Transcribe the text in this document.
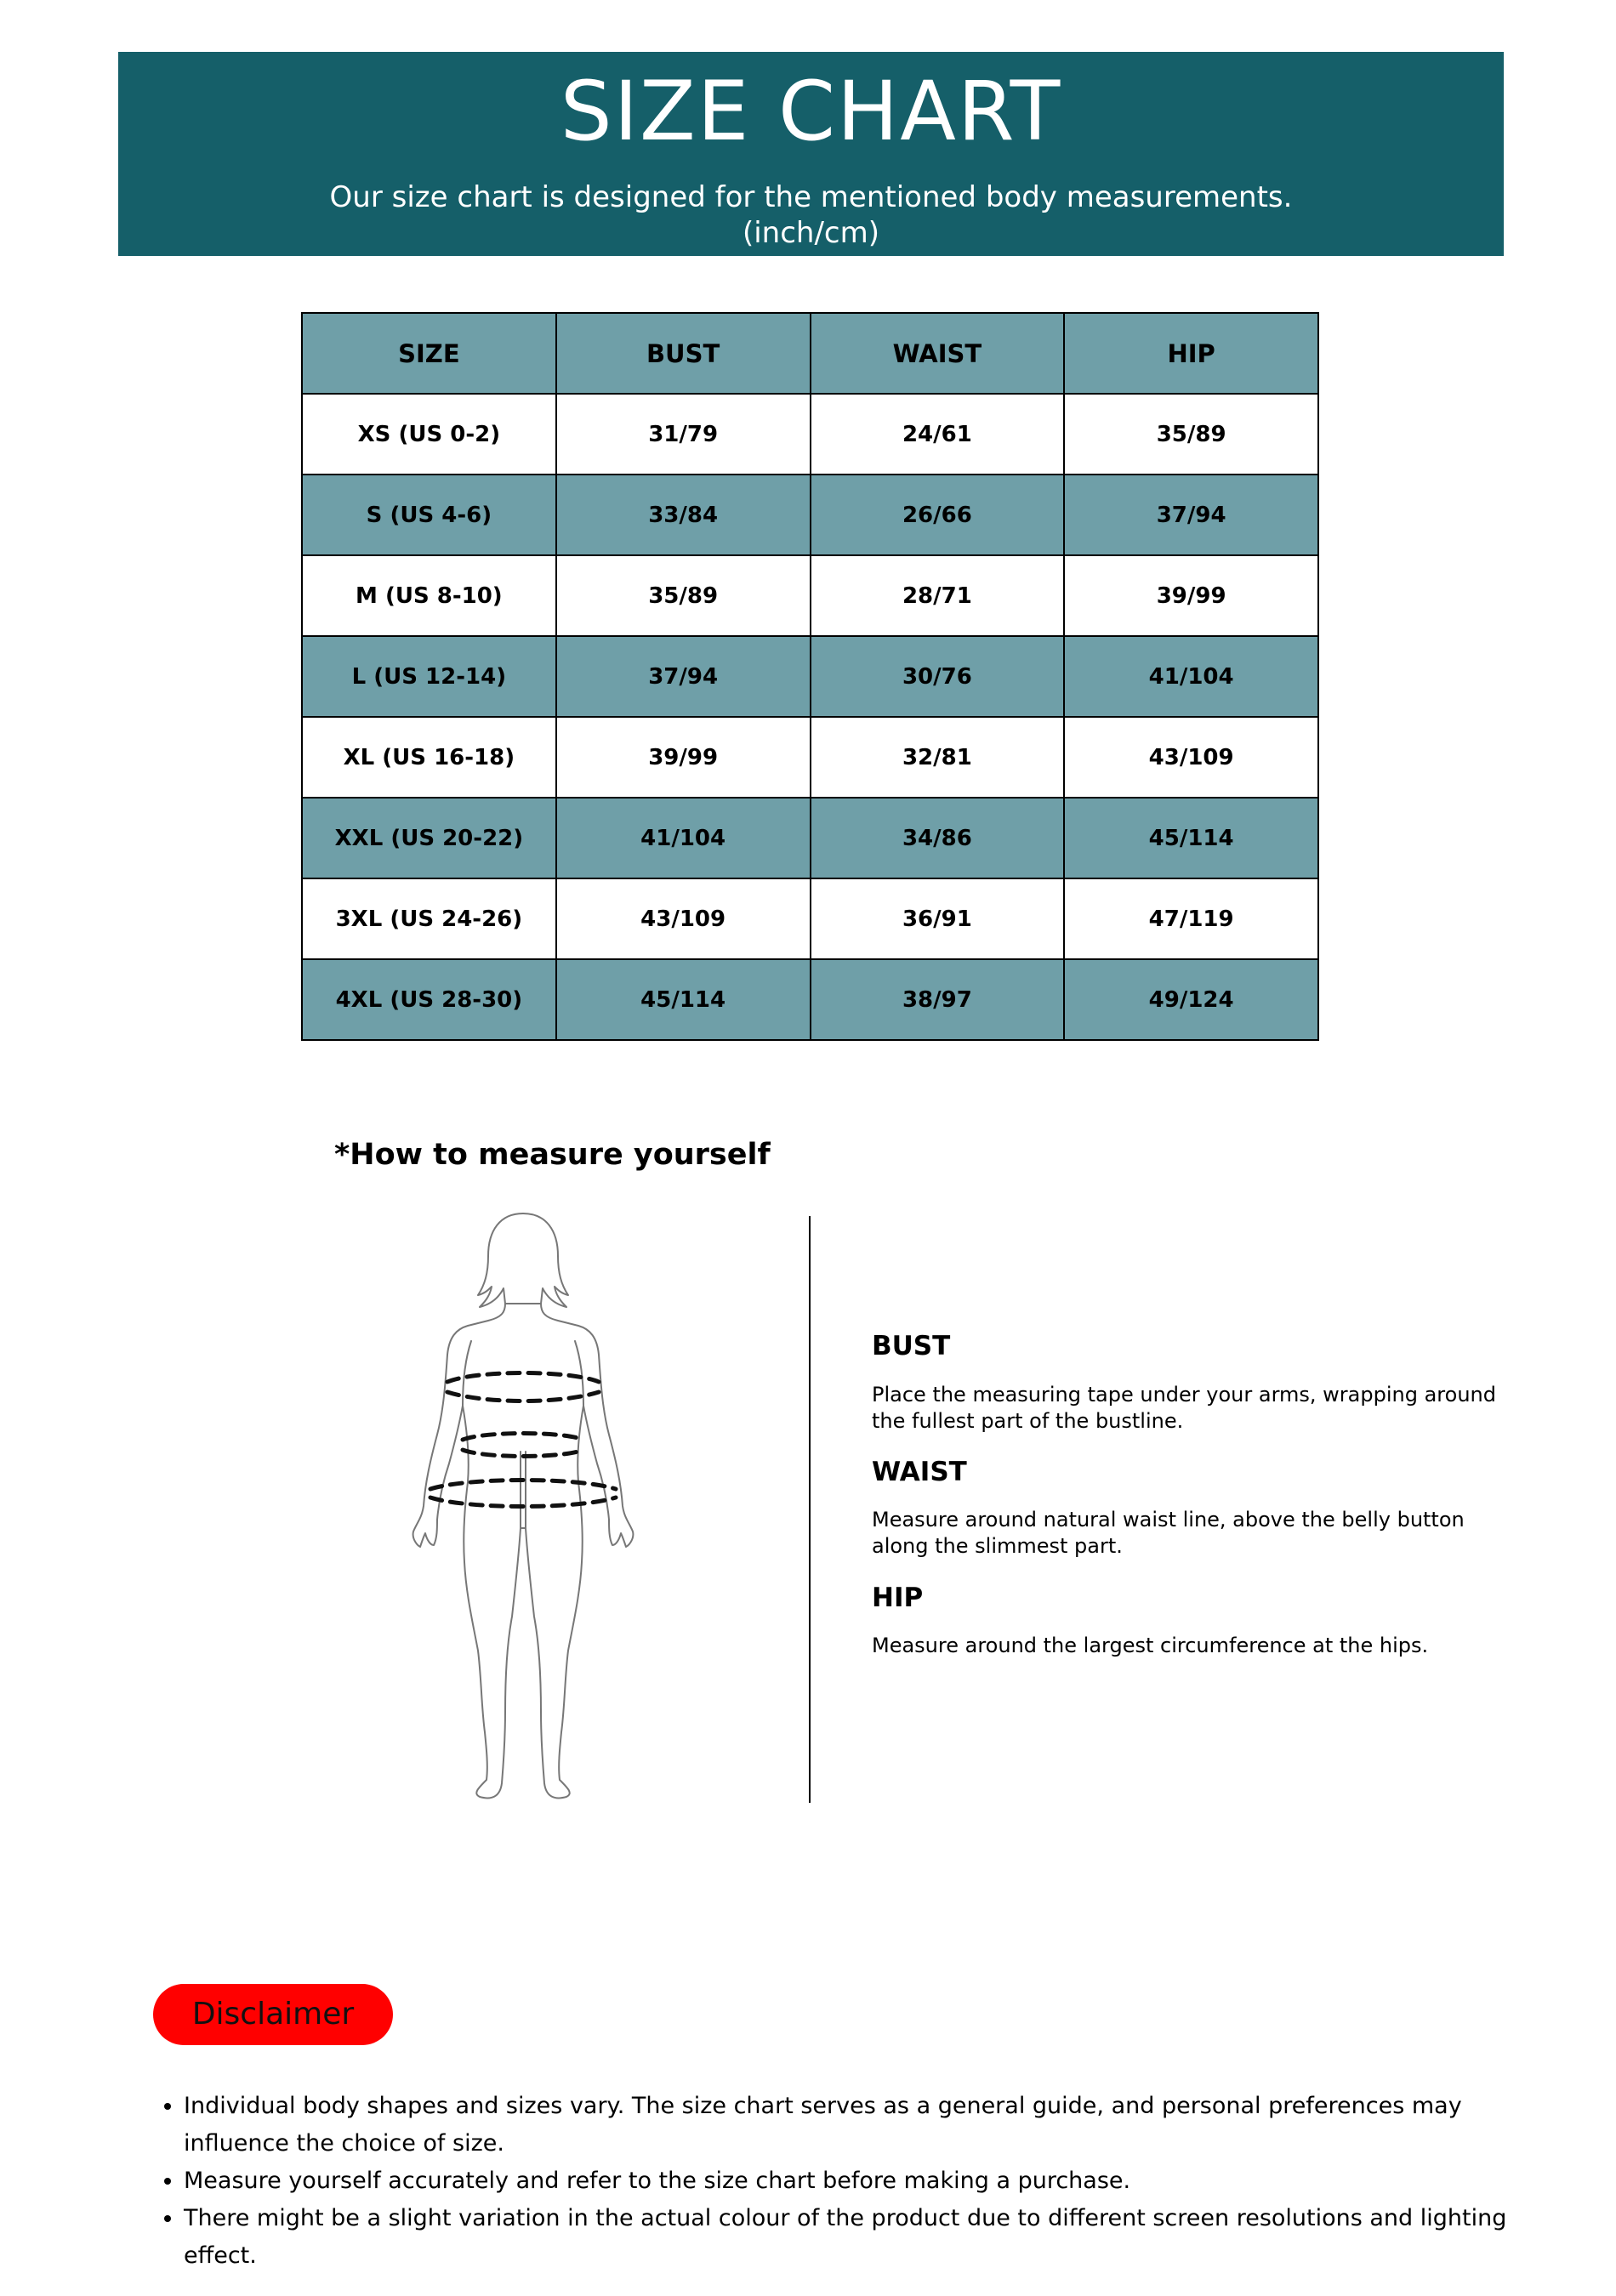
SIZE CHART
Our size chart is designed for the mentioned body measurements.
(inch/cm)
SIZE	BUST	WAIST	HIP
XS (US 0-2)	31/79	24/61	35/89
S (US 4-6)	33/84	26/66	37/94
M (US 8-10)	35/89	28/71	39/99
L (US 12-14)	37/94	30/76	41/104
XL (US 16-18)	39/99	32/81	43/109
XXL (US 20-22)	41/104	34/86	45/114
3XL (US 24-26)	43/109	36/91	47/119
4XL (US 28-30)	45/114	38/97	49/124
*How to measure yourself
BUST
Place the measuring tape under your arms, wrapping around the fullest part of the bustline.
WAIST
Measure around natural waist line, above the belly button along the slimmest part.
HIP
Measure around the largest circumference at the hips.
Disclaimer
• Individual body shapes and sizes vary. The size chart serves as a general guide, and personal preferences may influence the choice of size.
• Measure yourself accurately and refer to the size chart before making a purchase.
• There might be a slight variation in the actual colour of the product due to different screen resolutions and lighting effect.
